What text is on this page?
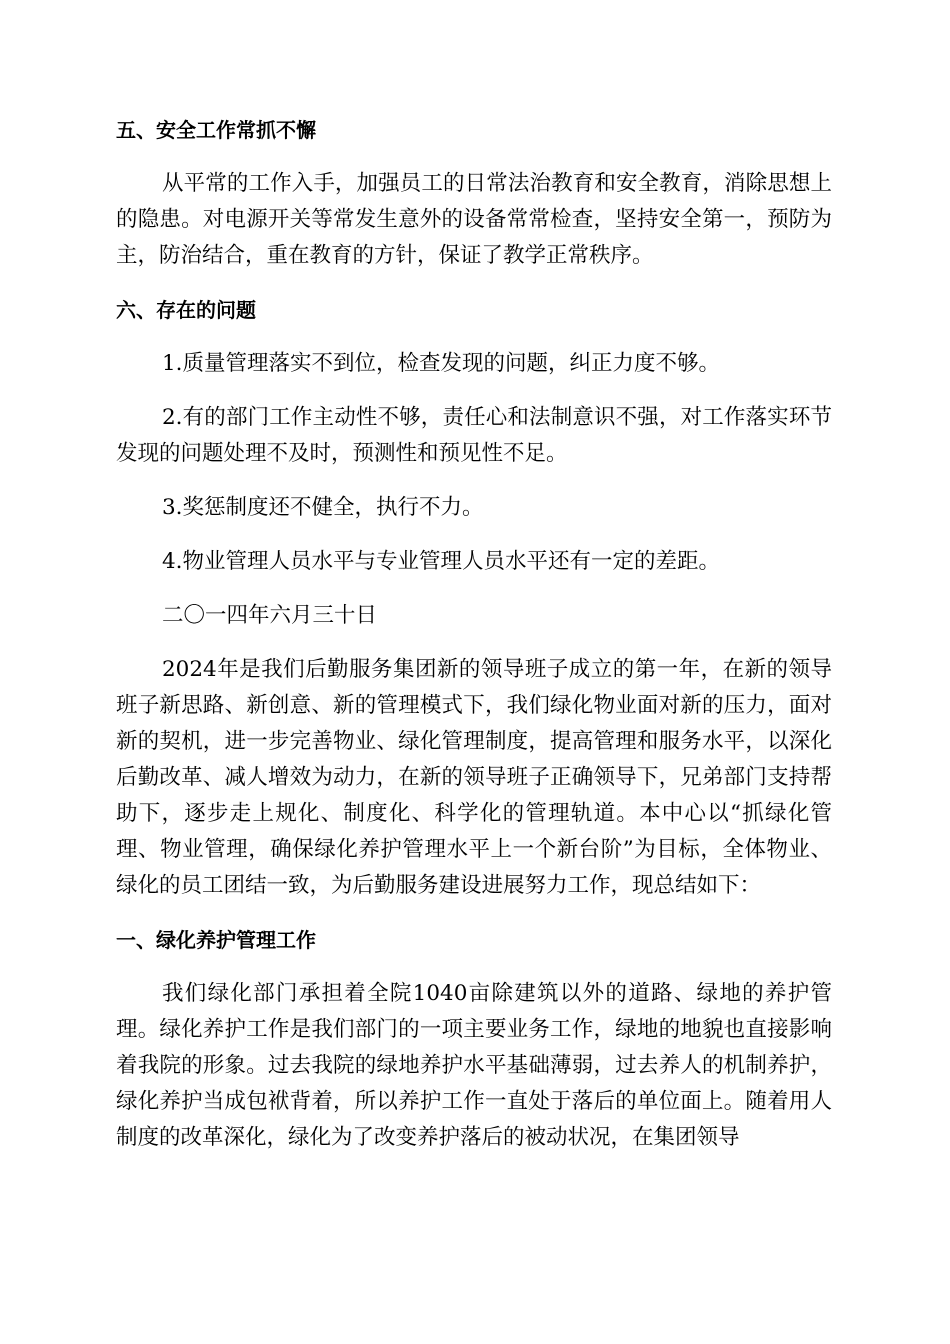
五、安全工作常抓不懈

从平常的工作入手，加强员工的日常法治教育和安全教育，消除思想上的隐患。对电源开关等常发生意外的设备常常检查，坚持安全第一，预防为主，防治结合，重在教育的方针，保证了教学正常秩序。

六、存在的问题

1.质量管理落实不到位，检查发现的问题，纠正力度不够。

2.有的部门工作主动性不够，责任心和法制意识不强，对工作落实环节发现的问题处理不及时，预测性和预见性不足。

3.奖惩制度还不健全，执行不力。

4.物业管理人员水平与专业管理人员水平还有一定的差距。

二〇一四年六月三十日

2024年是我们后勤服务集团新的领导班子成立的第一年，在新的领导班子新思路、新创意、新的管理模式下，我们绿化物业面对新的压力，面对新的契机，进一步完善物业、绿化管理制度，提高管理和服务水平，以深化后勤改革、减人增效为动力，在新的领导班子正确领导下，兄弟部门支持帮助下，逐步走上规化、制度化、科学化的管理轨道。本中心以“抓绿化管理、物业管理，确保绿化养护管理水平上一个新台阶”为目标，全体物业、绿化的员工团结一致，为后勤服务建设进展努力工作，现总结如下：

一、绿化养护管理工作

我们绿化部门承担着全院1040亩除建筑以外的道路、绿地的养护管理。绿化养护工作是我们部门的一项主要业务工作，绿地的地貌也直接影响着我院的形象。过去我院的绿地养护水平基础薄弱，过去养人的机制养护，绿化养护当成包袱背着，所以养护工作一直处于落后的单位面上。随着用人制度的改革深化，绿化为了改变养护落后的被动状况，在集团领导
